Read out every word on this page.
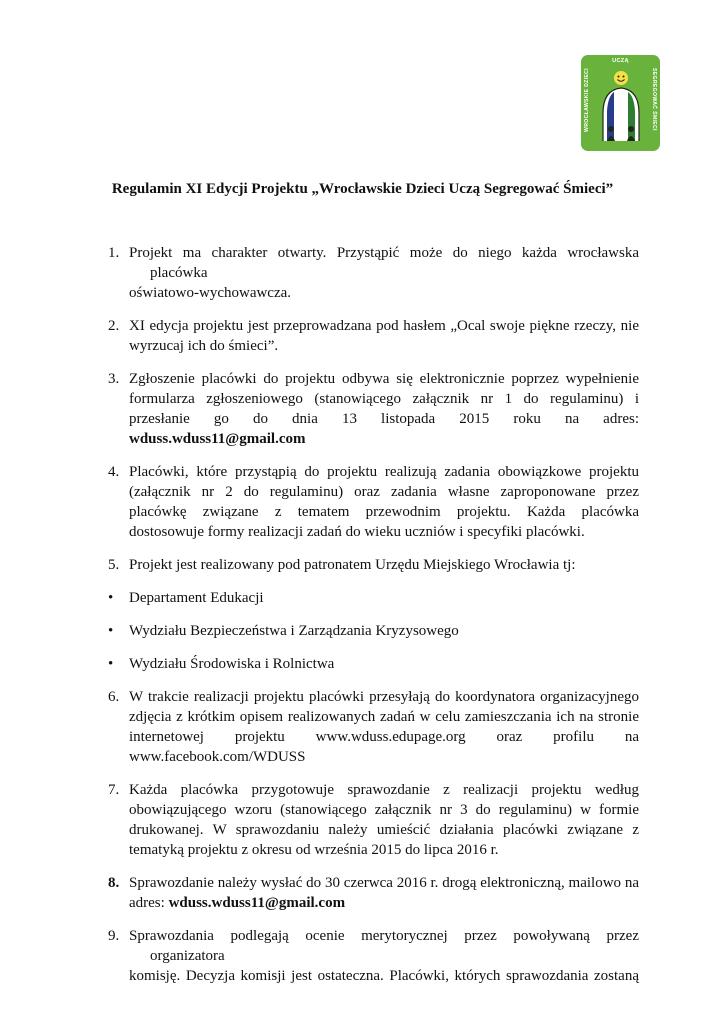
UCZĄ
WROCŁAWSKIE DZIECI	SEGREGOWAĆ ŚMIECI
Regulamin XI Edycji Projektu „Wrocławskie Dzieci Uczą Segregować Śmieci”
1. Projekt ma charakter otwarty. Przystąpić może do niego każda wrocławska placówka
oświatowo-wychowawcza.
2. XI edycja projektu jest przeprowadzana pod hasłem „Ocal swoje piękne rzeczy, nie
wyrzucaj ich do śmieci”.
3. Zgłoszenie placówki do projektu odbywa się elektronicznie poprzez wypełnienie
formularza zgłoszeniowego (stanowiącego załącznik nr 1 do regulaminu) i
przesłanie go do dnia 13 listopada 2015 roku na adres:
wduss.wduss11@gmail.com
4. Placówki, które przystąpią do projektu realizują zadania obowiązkowe projektu
(załącznik nr 2 do regulaminu) oraz zadania własne zaproponowane przez
placówkę związane z tematem przewodnim projektu. Każda placówka
dostosowuje formy realizacji zadań do wieku uczniów i specyfiki placówki.
5. Projekt jest realizowany pod patronatem Urzędu Miejskiego Wrocławia tj:
• Departament Edukacji
• Wydziału Bezpieczeństwa i Zarządzania Kryzysowego
• Wydziału Środowiska i Rolnictwa
6. W trakcie realizacji projektu placówki przesyłają do koordynatora organizacyjnego
zdjęcia z krótkim opisem realizowanych zadań w celu zamieszczania ich na stronie
internetowej projektu www.wduss.edupage.org oraz profilu na
www.facebook.com/WDUSS
7. Każda placówka przygotowuje sprawozdanie z realizacji projektu według
obowiązującego wzoru (stanowiącego załącznik nr 3 do regulaminu) w formie
drukowanej. W sprawozdaniu należy umieścić działania placówki związane z
tematyką projektu z okresu od września 2015 do lipca 2016 r.
8. Sprawozdanie należy wysłać do 30 czerwca 2016 r. drogą elektroniczną, mailowo na
adres: wduss.wduss11@gmail.com
9. Sprawozdania podlegają ocenie merytorycznej przez powoływaną przez organizatora
komisję. Decyzja komisji jest ostateczna. Placówki, których sprawozdania zostaną
